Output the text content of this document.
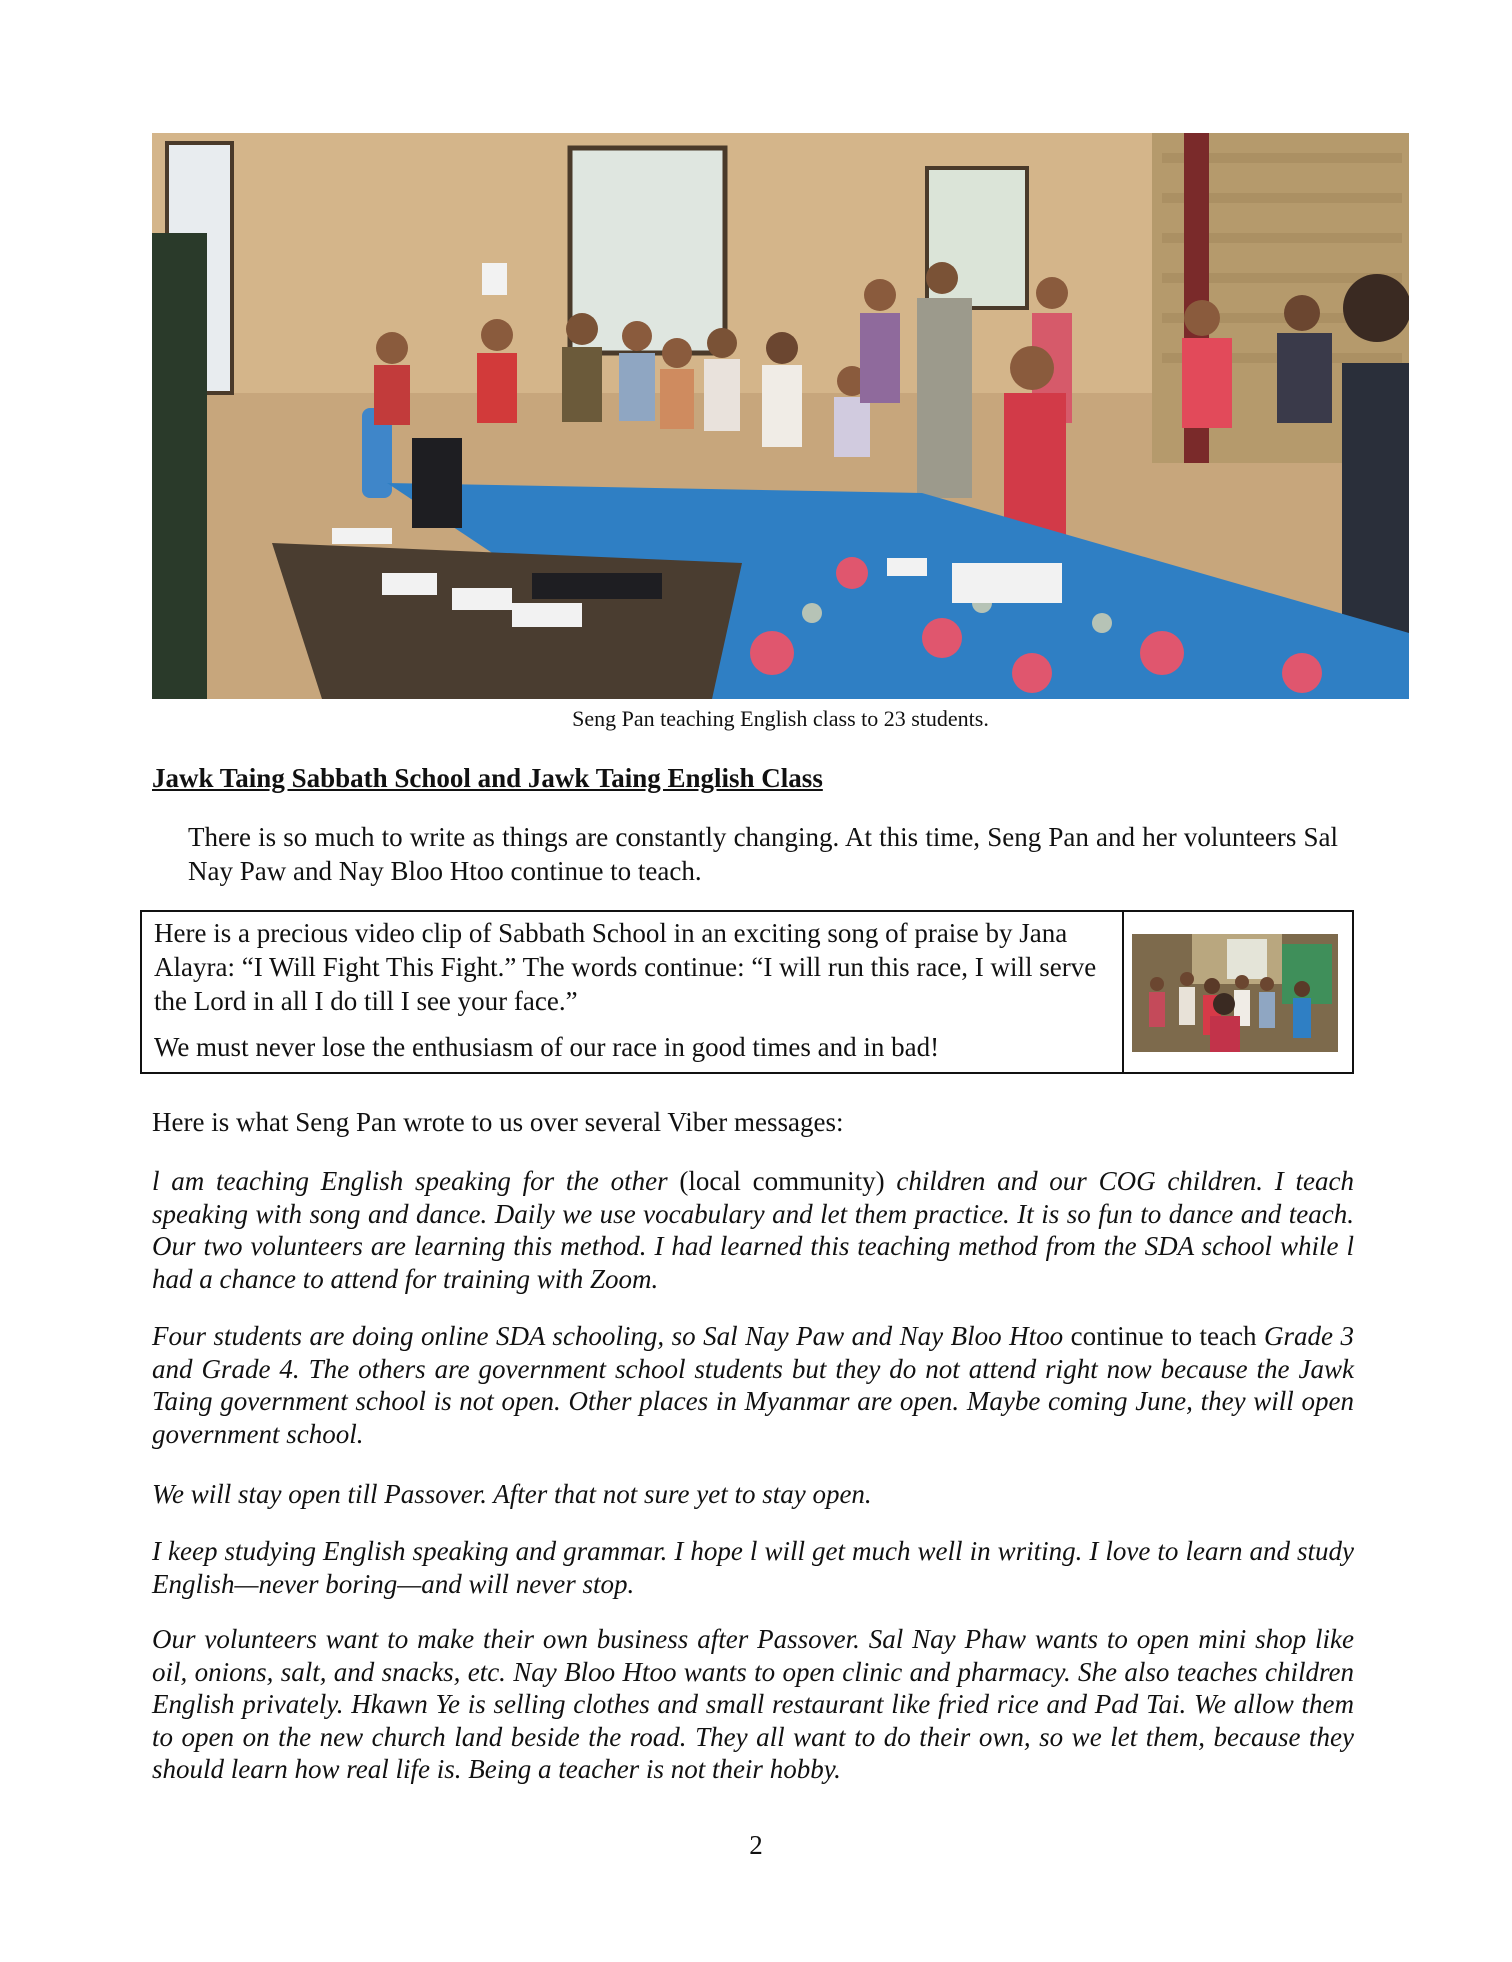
Seng Pan teaching English class to 23 students.
Jawk Taing Sabbath School and Jawk Taing English Class
There is so much to write as things are constantly changing. At this time, Seng Pan and her volunteers Sal Nay Paw and Nay Bloo Htoo continue to teach.

Here is a precious video clip of Sabbath School in an exciting song of praise by Jana Alayra: “I Will Fight This Fight.” The words continue: “I will run this race, I will serve the Lord in all I do till I see your face.”

We must never lose the enthusiasm of our race in good times and in bad!

Here is what Seng Pan wrote to us over several Viber messages:

l am teaching English speaking for the other (local community) children and our COG children. I teach speaking with song and dance. Daily we use vocabulary and let them practice. It is so fun to dance and teach. Our two volunteers are learning this method. I had learned this teaching method from the SDA school while l had a chance to attend for training with Zoom.

Four students are doing online SDA schooling, so Sal Nay Paw and Nay Bloo Htoo continue to teach Grade 3 and Grade 4. The others are government school students but they do not attend right now because the Jawk Taing government school is not open. Other places in Myanmar are open. Maybe coming June, they will open government school.

We will stay open till Passover. After that not sure yet to stay open.

I keep studying English speaking and grammar. I hope l will get much well in writing. I love to learn and study English—never boring—and will never stop.

Our volunteers want to make their own business after Passover. Sal Nay Phaw wants to open mini shop like oil, onions, salt, and snacks, etc. Nay Bloo Htoo wants to open clinic and pharmacy. She also teaches children English privately. Hkawn Ye is selling clothes and small restaurant like fried rice and Pad Tai. We allow them to open on the new church land beside the road. They all want to do their own, so we let them, because they should learn how real life is. Being a teacher is not their hobby.

2
